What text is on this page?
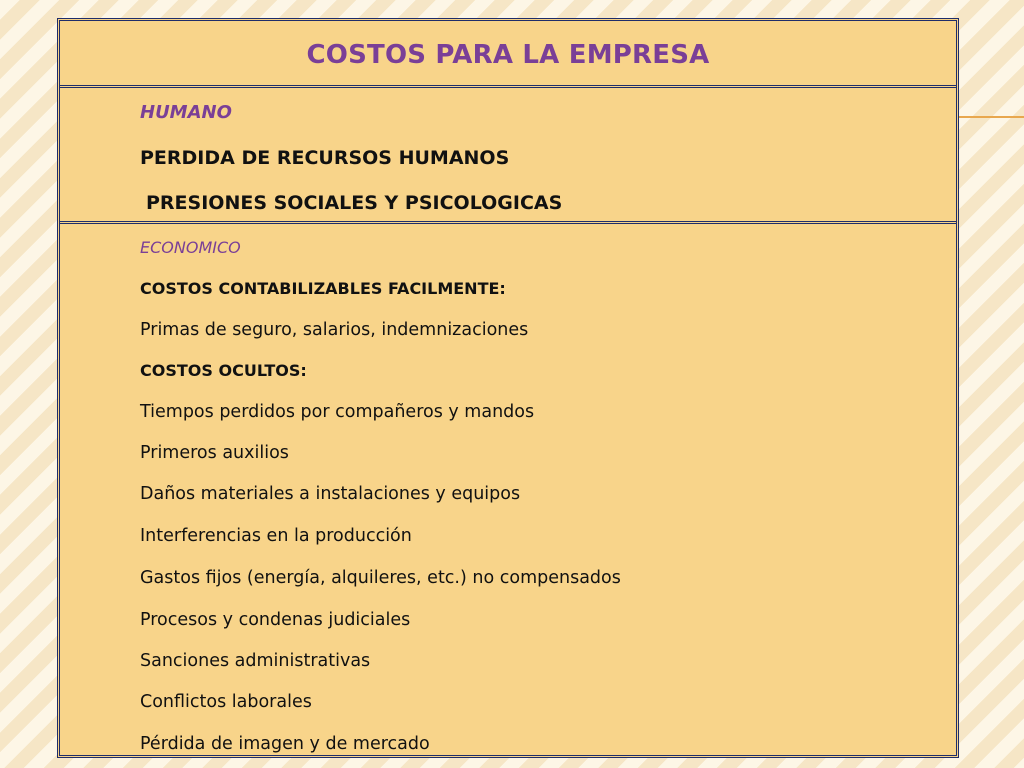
COSTOS PARA LA EMPRESA
HUMANO
PERDIDA DE RECURSOS HUMANOS
PRESIONES SOCIALES Y PSICOLOGICAS
ECONOMICO
COSTOS CONTABILIZABLES FACILMENTE:
Primas de seguro, salarios, indemnizaciones
COSTOS OCULTOS:
Tiempos perdidos por compañeros y mandos
Primeros auxilios
Daños materiales a instalaciones y equipos
Interferencias en la producción
Gastos fijos (energía, alquileres, etc.) no compensados
Procesos y condenas judiciales
Sanciones administrativas
Conflictos laborales
Pérdida de imagen y de mercado
